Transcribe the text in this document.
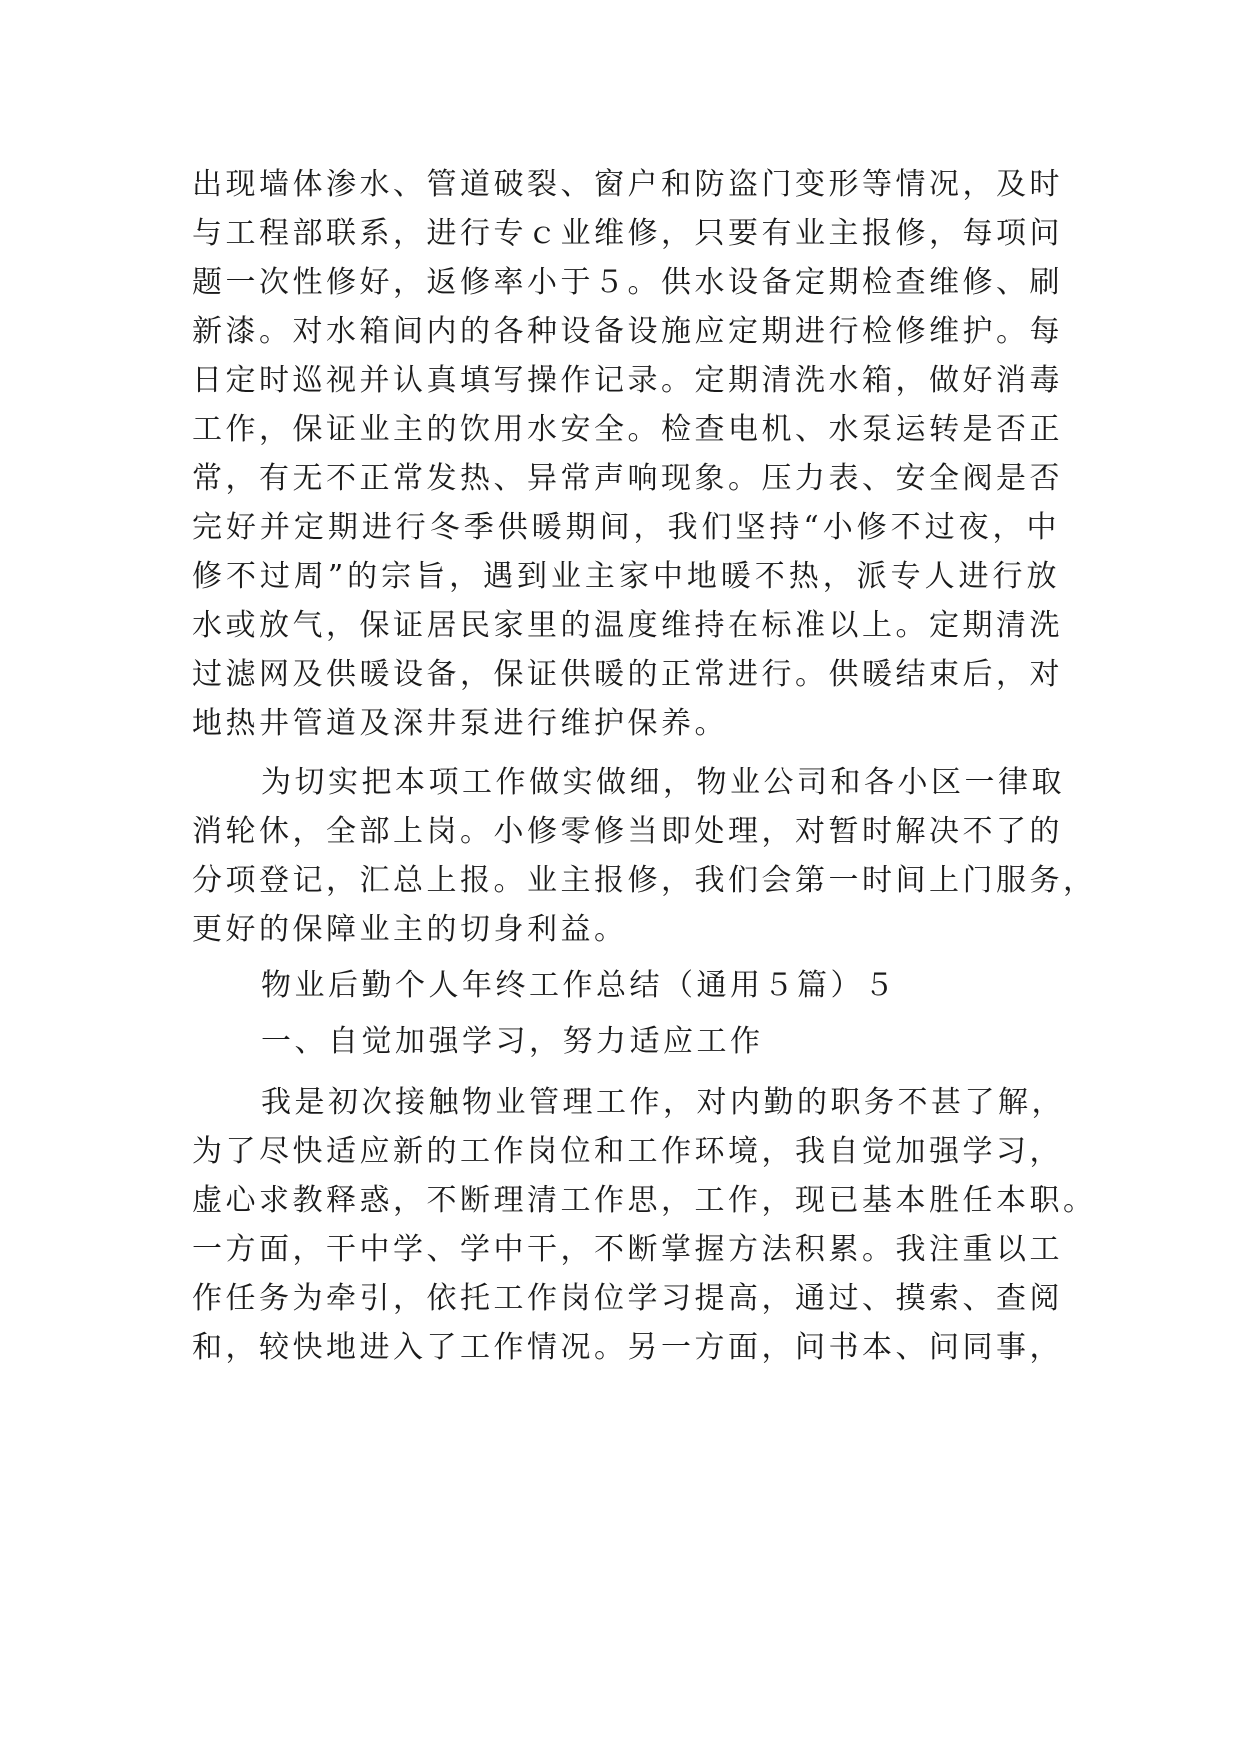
出现墙体渗水、管道破裂、窗户和防盗门变形等情况，及时
与工程部联系，进行专ｃ业维修，只要有业主报修，每项问
题一次性修好，返修率小于５。供水设备定期检查维修、刷
新漆。对水箱间内的各种设备设施应定期进行检修维护。每
日定时巡视并认真填写操作记录。定期清洗水箱，做好消毒
工作，保证业主的饮用水安全。检查电机、水泵运转是否正
常，有无不正常发热、异常声响现象。压力表、安全阀是否
完好并定期进行冬季供暖期间，我们坚持“小修不过夜，中
修不过周”的宗旨，遇到业主家中地暖不热，派专人进行放
水或放气，保证居民家里的温度维持在标准以上。定期清洗
过滤网及供暖设备，保证供暖的正常进行。供暖结束后，对
地热井管道及深井泵进行维护保养。
为切实把本项工作做实做细，物业公司和各小区一律取
消轮休，全部上岗。小修零修当即处理，对暂时解决不了的
分项登记，汇总上报。业主报修，我们会第一时间上门服务，
更好的保障业主的切身利益。
物业后勤个人年终工作总结（通用５篇）５
一、自觉加强学习，努力适应工作
我是初次接触物业管理工作，对内勤的职务不甚了解，
为了尽快适应新的工作岗位和工作环境，我自觉加强学习，
虚心求教释惑，不断理清工作思，工作，现已基本胜任本职。
一方面，干中学、学中干，不断掌握方法积累。我注重以工
作任务为牵引，依托工作岗位学习提高，通过、摸索、查阅
和，较快地进入了工作情况。另一方面，问书本、问同事，
